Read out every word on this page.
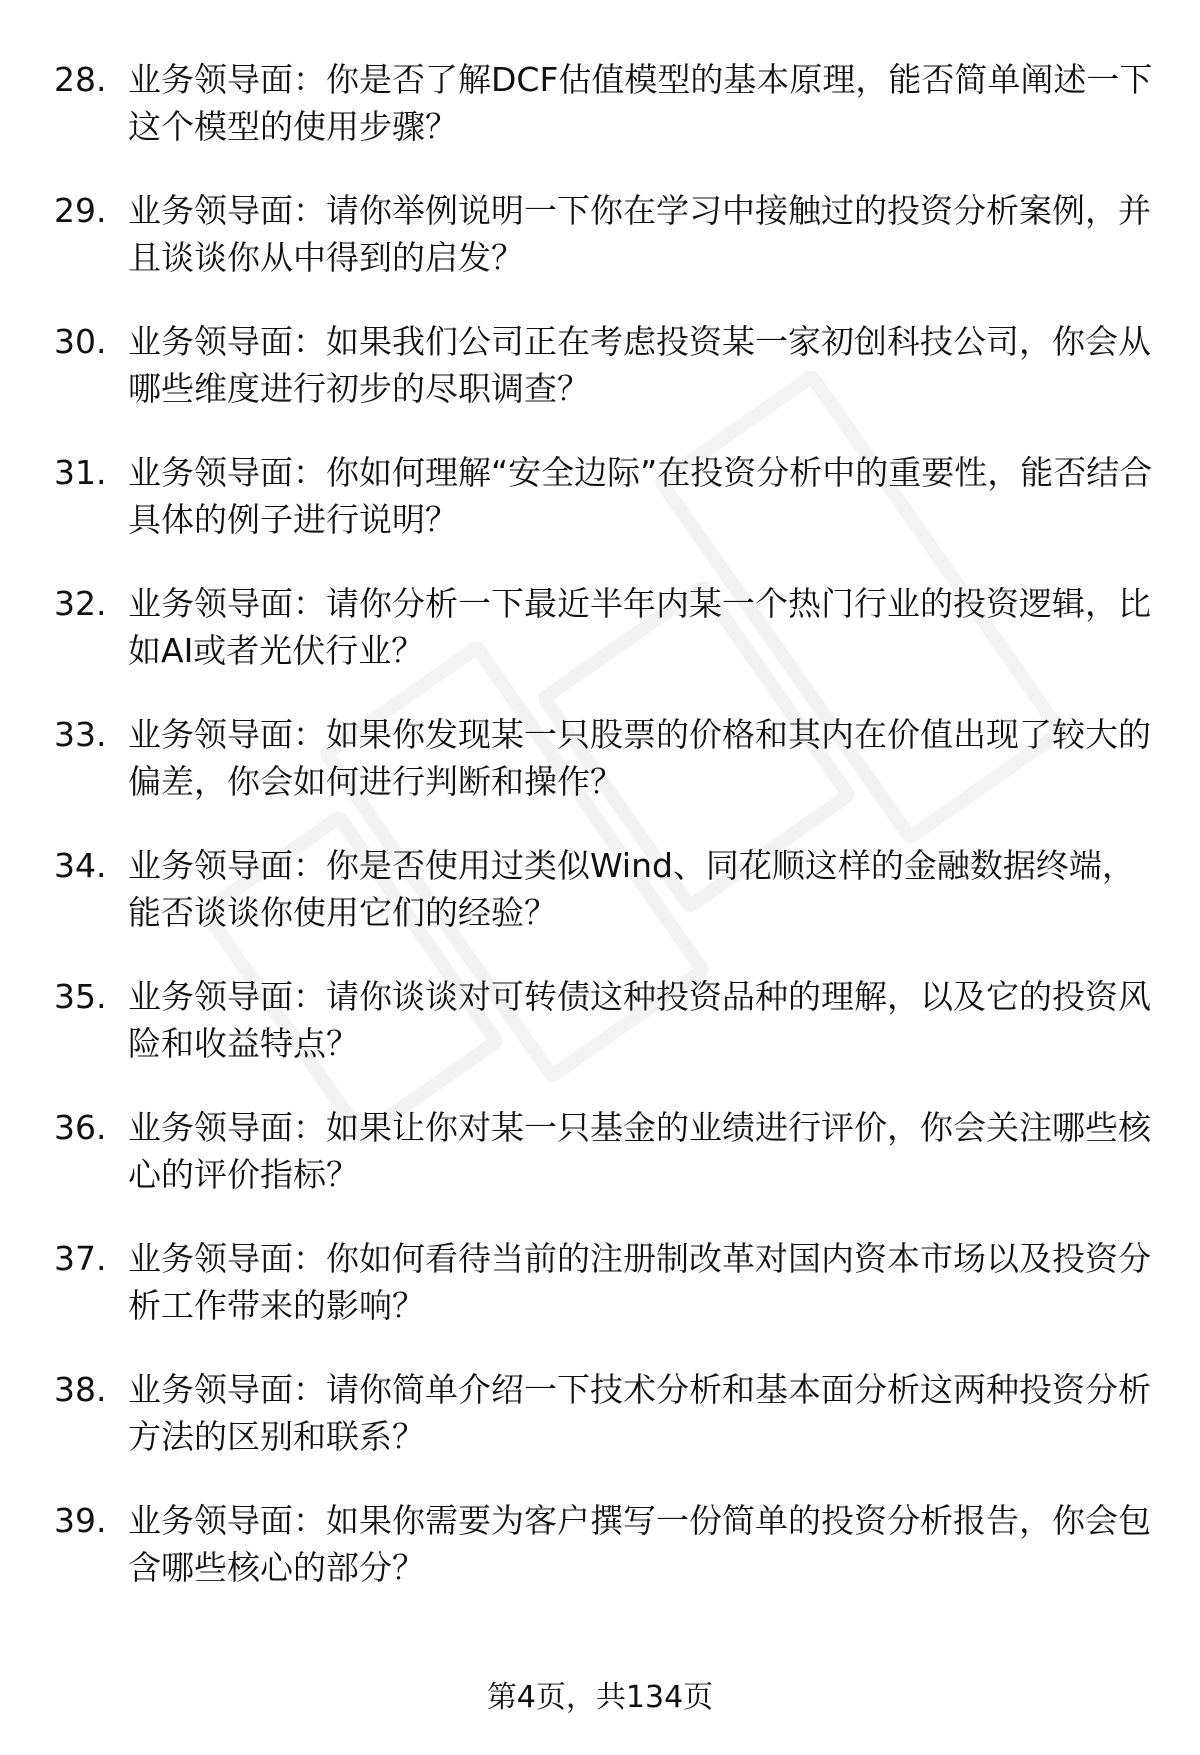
28. 业务领导面：你是否了解DCF估值模型的基本原理，能否简单阐述一下这个模型的使用步骤？
29. 业务领导面：请你举例说明一下你在学习中接触过的投资分析案例，并且谈谈你从中得到的启发？
30. 业务领导面：如果我们公司正在考虑投资某一家初创科技公司，你会从哪些维度进行初步的尽职调查？
31. 业务领导面：你如何理解“安全边际”在投资分析中的重要性，能否结合具体的例子进行说明？
32. 业务领导面：请你分析一下最近半年内某一个热门行业的投资逻辑，比如AI或者光伏行业？
33. 业务领导面：如果你发现某一只股票的价格和其内在价值出现了较大的偏差，你会如何进行判断和操作？
34. 业务领导面：你是否使用过类似Wind、同花顺这样的金融数据终端，能否谈谈你使用它们的经验？
35. 业务领导面：请你谈谈对可转债这种投资品种的理解，以及它的投资风险和收益特点？
36. 业务领导面：如果让你对某一只基金的业绩进行评价，你会关注哪些核心的评价指标？
37. 业务领导面：你如何看待当前的注册制改革对国内资本市场以及投资分析工作带来的影响？
38. 业务领导面：请你简单介绍一下技术分析和基本面分析这两种投资分析方法的区别和联系？
39. 业务领导面：如果你需要为客户撰写一份简单的投资分析报告，你会包含哪些核心的部分？
第4页，共134页
